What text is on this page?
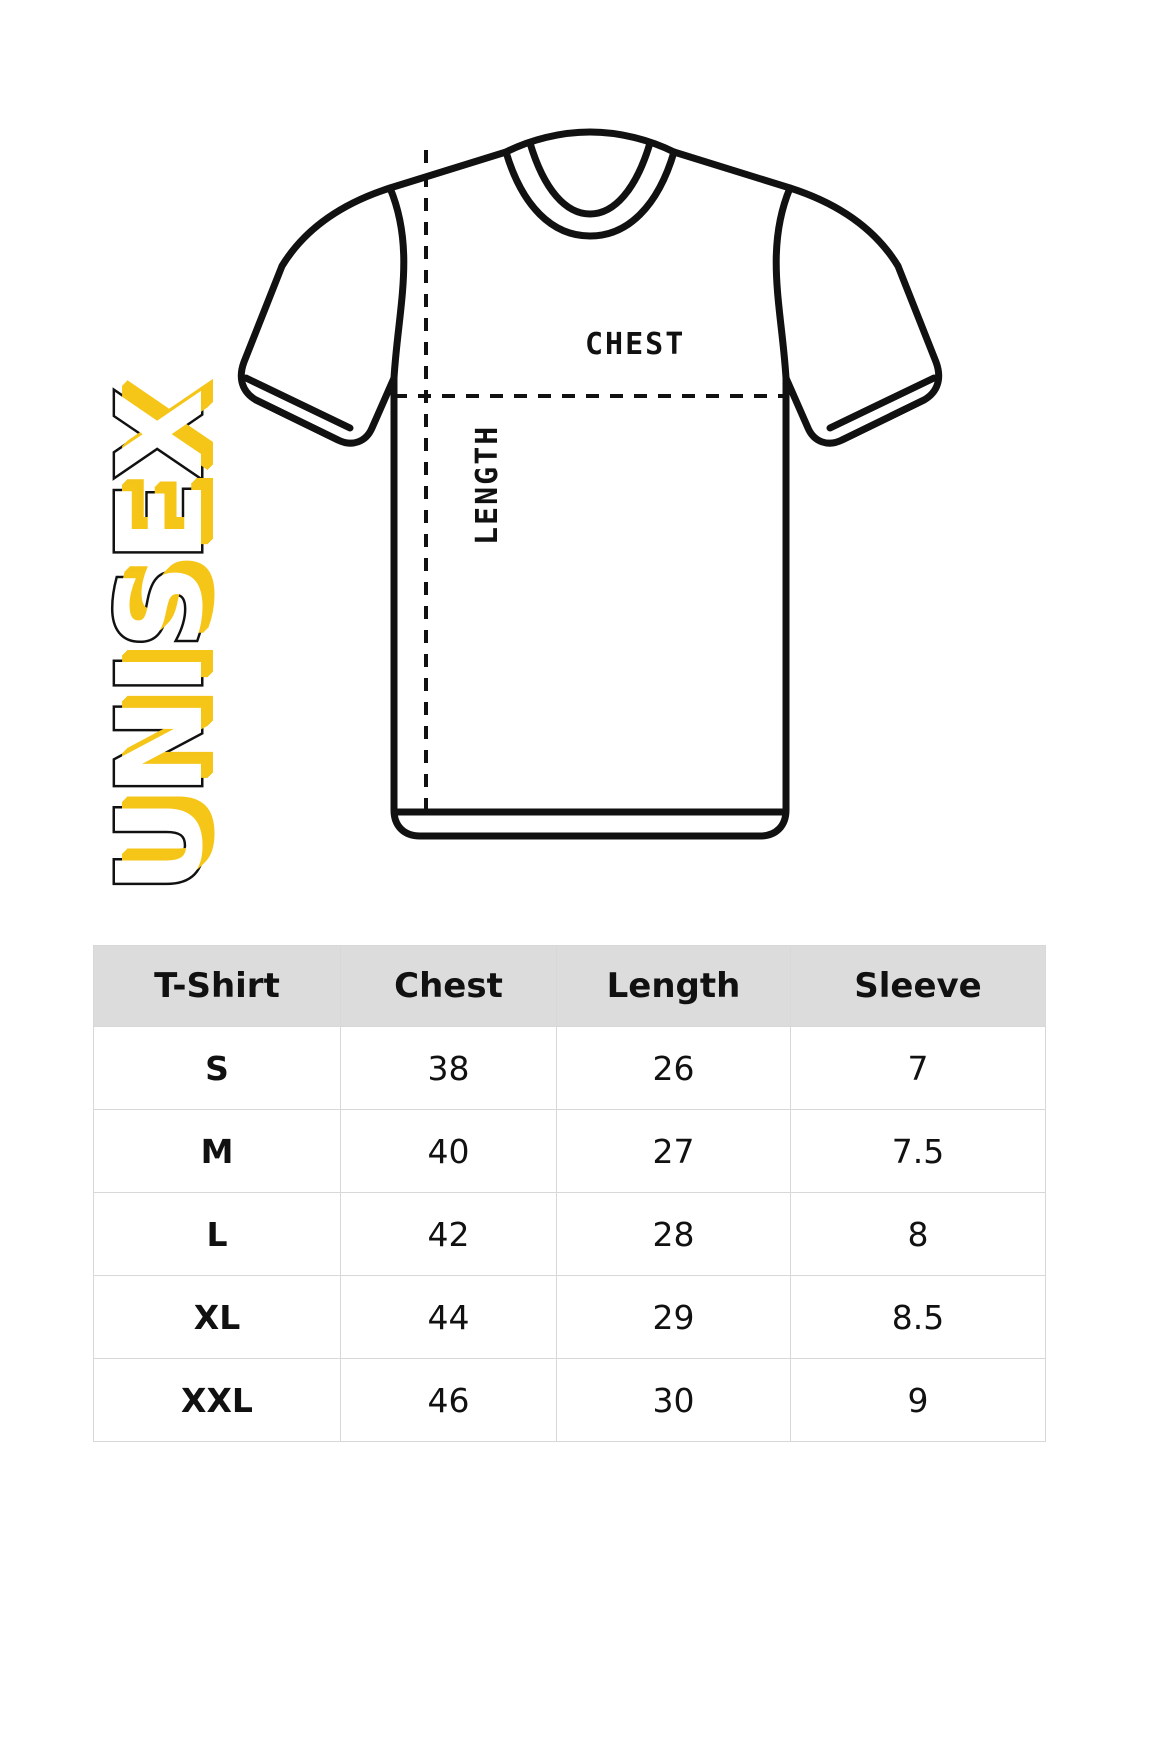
CHEST
LENGTH
UNISEX
T-Shirt	Chest	Length	Sleeve
S	38	26	7
M	40	27	7.5
L	42	28	8
XL	44	29	8.5
XXL	46	30	9
